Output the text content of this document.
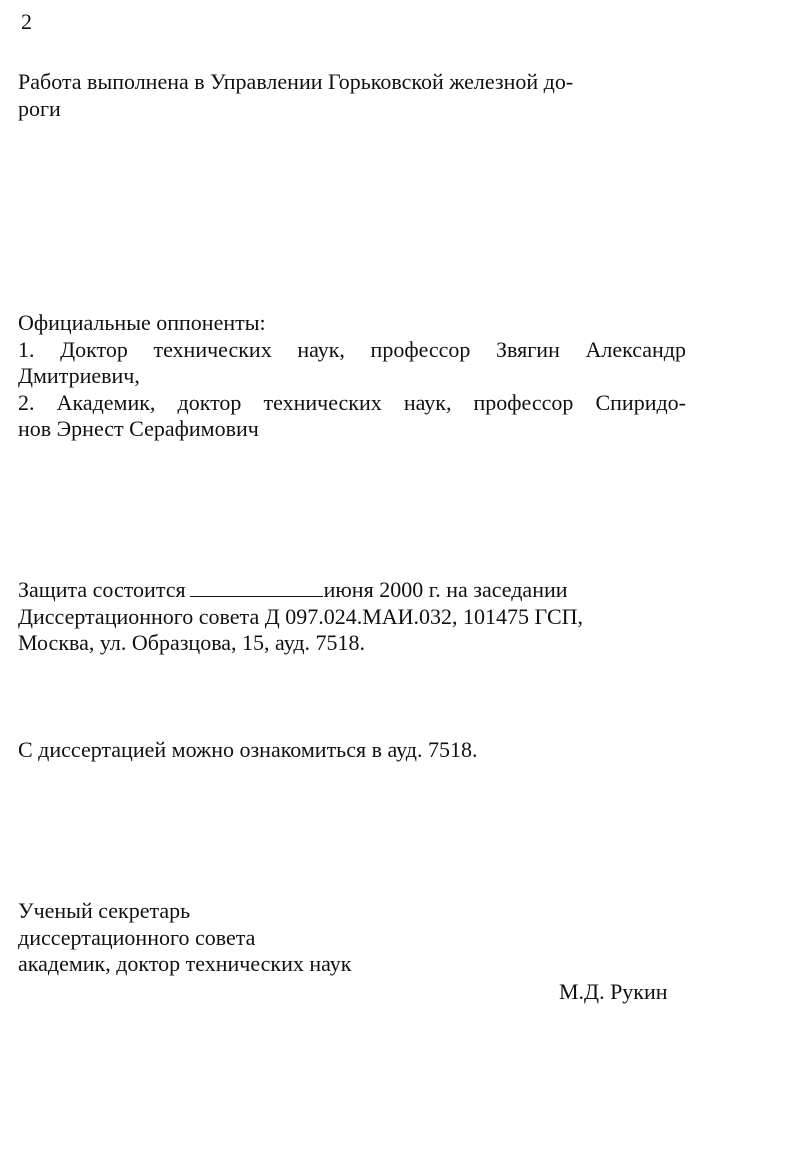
2
Работа выполнена в Управлении Горьковской железной до-
роги
Официальные оппоненты:
1. Доктор технических наук, профессор Звягин Александр
Дмитриевич,
2. Академик, доктор технических наук, профессор Спиридо-
нов Эрнест Серафимович
Защита состоится	июня 2000 г. на заседании
Диссертационного совета Д 097.024.МАИ.032, 101475 ГСП,
Москва, ул. Образцова, 15, ауд. 7518.
С диссертацией можно ознакомиться в ауд. 7518.
Ученый секретарь
диссертационного совета
академик, доктор технических наук
М.Д. Рукин
